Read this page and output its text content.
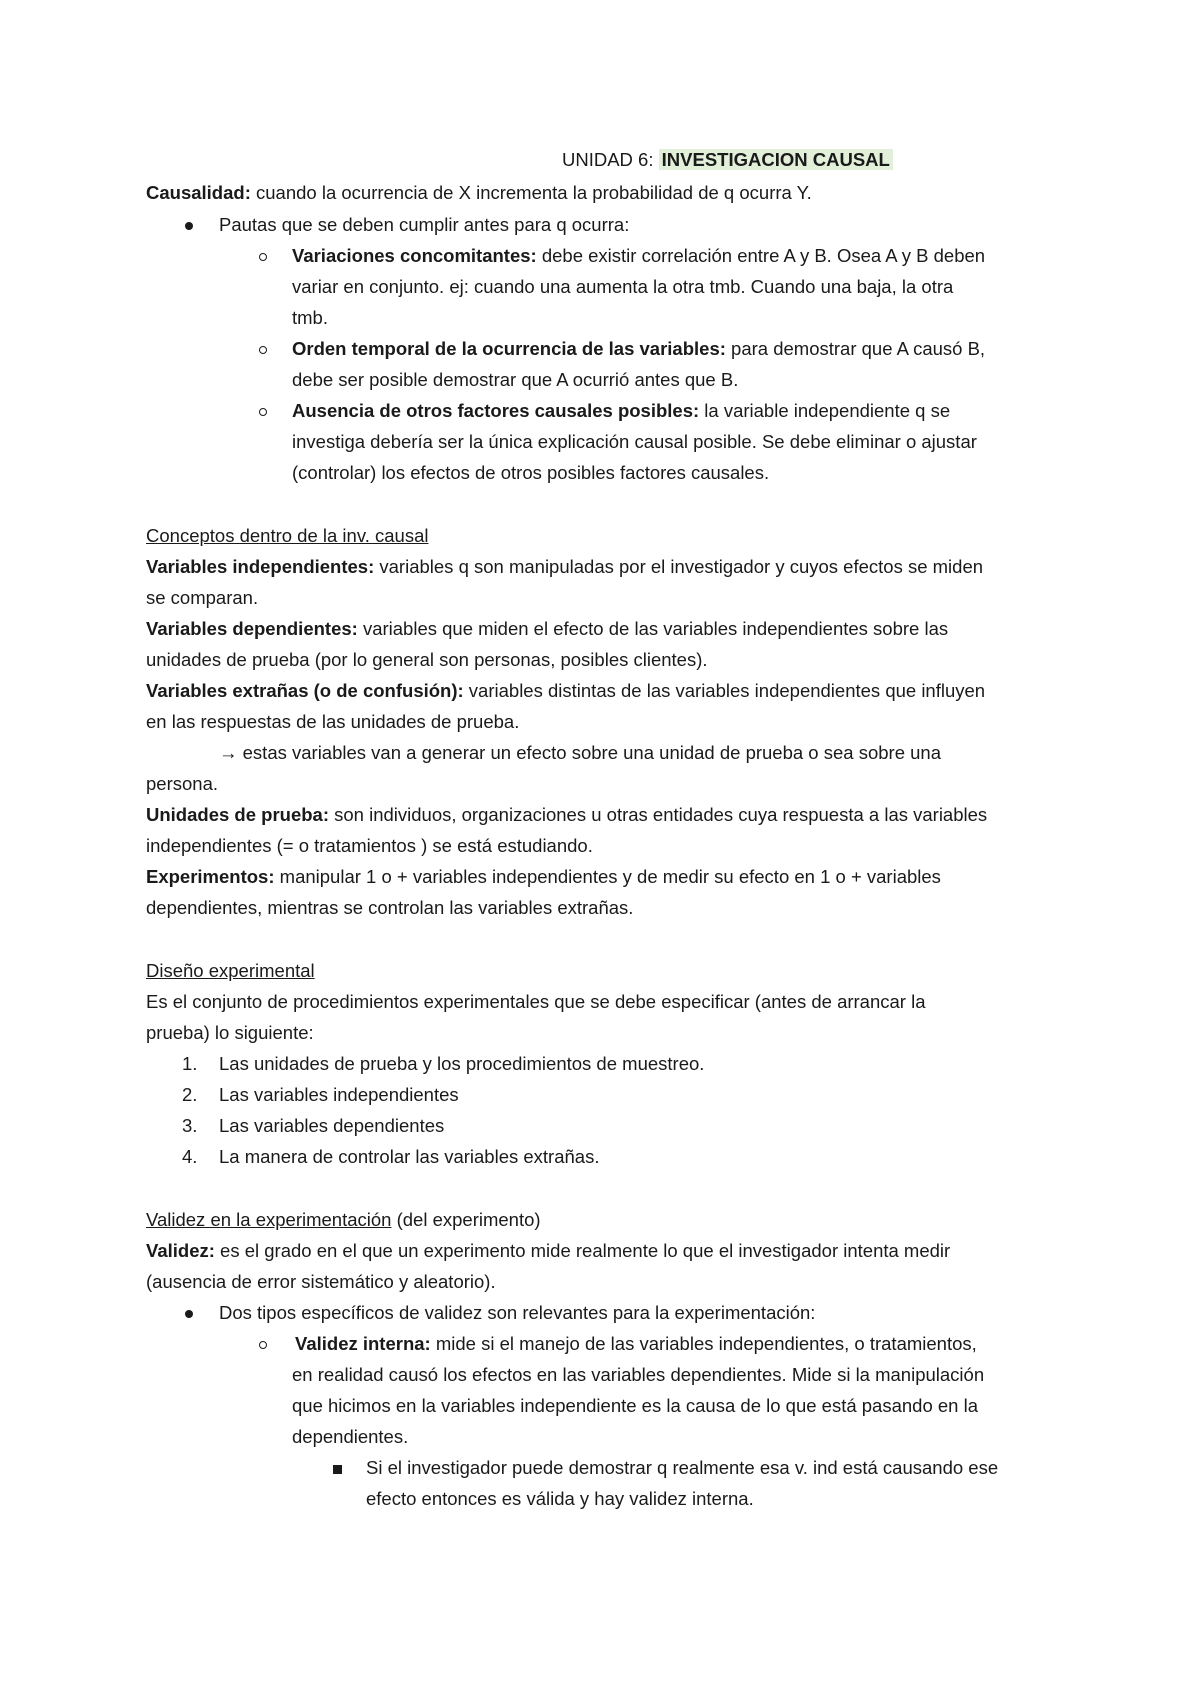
UNIDAD 6: INVESTIGACION CAUSAL
Causalidad: cuando la ocurrencia de X incrementa la probabilidad de q ocurra Y.
Pautas que se deben cumplir antes para q ocurra:
Variaciones concomitantes: debe existir correlación entre A y B. Osea A y B deben
variar en conjunto. ej: cuando una aumenta la otra tmb. Cuando una baja, la otra
tmb.
Orden temporal de la ocurrencia de las variables: para demostrar que A causó B,
debe ser posible demostrar que A ocurrió antes que B.
Ausencia de otros factores causales posibles: la variable independiente q se
investiga debería ser la única explicación causal posible. Se debe eliminar o ajustar
(controlar) los efectos de otros posibles factores causales.
Conceptos dentro de la inv. causal
Variables independientes: variables q son manipuladas por el investigador y cuyos efectos se miden
se comparan.
Variables dependientes: variables que miden el efecto de las variables independientes sobre las
unidades de prueba (por lo general son personas, posibles clientes).
Variables extrañas (o de confusión): variables distintas de las variables independientes que influyen
en las respuestas de las unidades de prueba.
→ estas variables van a generar un efecto sobre una unidad de prueba o sea sobre una
persona.
Unidades de prueba: son individuos, organizaciones u otras entidades cuya respuesta a las variables
independientes (= o tratamientos ) se está estudiando.
Experimentos: manipular 1 o + variables independientes y de medir su efecto en 1 o + variables
dependientes, mientras se controlan las variables extrañas.
Diseño experimental
Es el conjunto de procedimientos experimentales que se debe especificar (antes de arrancar la
prueba) lo siguiente:
1. Las unidades de prueba y los procedimientos de muestreo.
2. Las variables independientes
3. Las variables dependientes
4. La manera de controlar las variables extrañas.
Validez en la experimentación (del experimento)
Validez: es el grado en el que un experimento mide realmente lo que el investigador intenta medir
(ausencia de error sistemático y aleatorio).
Dos tipos específicos de validez son relevantes para la experimentación:
Validez interna: mide si el manejo de las variables independientes, o tratamientos,
en realidad causó los efectos en las variables dependientes. Mide si la manipulación
que hicimos en la variables independiente es la causa de lo que está pasando en la
dependientes.
Si el investigador puede demostrar q realmente esa v. ind está causando ese
efecto entonces es válida y hay validez interna.
